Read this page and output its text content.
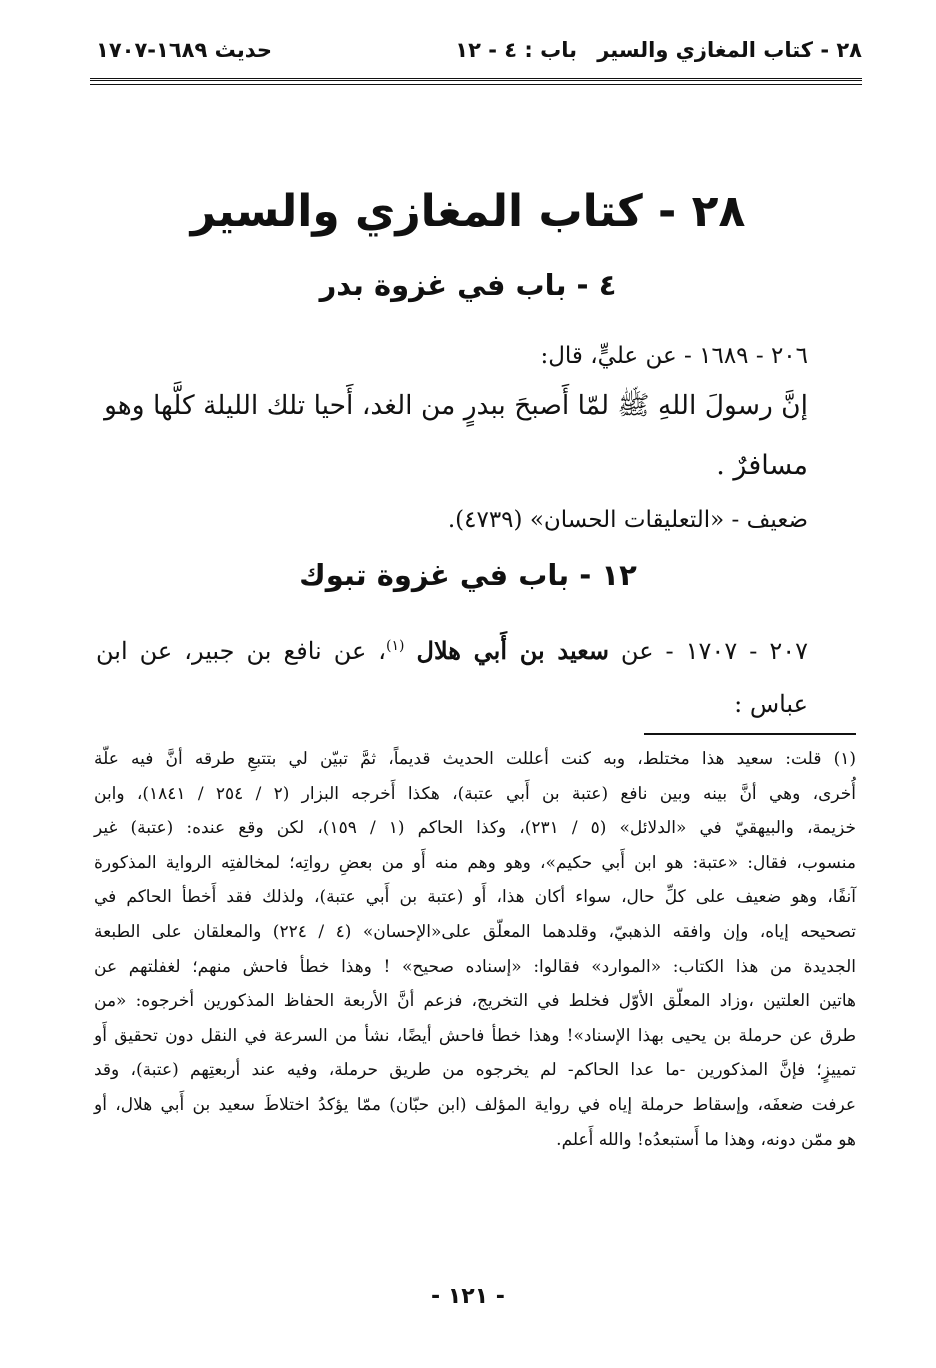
٢٨ - كتاب المغازي والسير
باب : ٤ - ١٢
حديث ١٦٨٩-١٧٠٧
٢٨ - كتاب المغازي والسير
٤ - باب في غزوة بدر
٢٠٦ - ١٦٨٩ - عن عليٍّ، قال:
إنَّ رسولَ اللهِ ﷺ لمّا أَصبحَ ببدرٍ من الغد، أَحيا تلك الليلة كلَّها وهو
مسافرٌ .
ضعيف - «التعليقات الحسان» (٤٧٣٩).
١٢ - باب في غزوة تبوك
٢٠٧ - ١٧٠٧ - عن سعيد بن أَبي هلال $^{(١)}$، عن نافع بن جبير، عن ابن
عباس :
(١) قلت: سعيد هذا مختلط، وبه كنت أعللت الحديث قديماً، ثمَّ تبيّن لي بتتبعِ طرقه أنَّ فيه علّة
أُخرى، وهي أنَّ بينه وبين نافع (عتبة بن أَبي عتبة)، هكذا أَخرجه البزار (٢ / ٢٥٤ / ١٨٤١)، وابن
خزيمة، والبيهقيّ في «الدلائل» (٥ / ٢٣١)، وكذا الحاكم (١ / ١٥٩)، لكن وقع عنده: (عتبة) غير
منسوب، فقال: «عتبة: هو ابن أَبي حكيم»، وهو وهم منه أَو من بعضِ رواتِه؛ لمخالفتِه الرواية المذكورة
آنفًا، وهو ضعيف على كلِّ حال، سواء أكان هذا، أَو (عتبة بن أَبي عتبة)، ولذلك فقد أَخطأ الحاكم في
تصحيحه إياه، وإن وافقه الذهبيّ، وقلدهما المعلّق على«الإحسان» (٤ / ٢٢٤) والمعلقان على الطبعة
الجديدة من هذا الكتاب: «الموارد» فقالوا: «إسناده صحيح» ! وهذا خطأ فاحش منهم؛ لغفلتهم عن
هاتين العلتين ،وزاد المعلّق الأوّل فخلط في التخريج، فزعم أنَّ الأربعة الحفاظ المذكورين أخرجوه: «من
طرق عن حرملة بن يحيى بهذا الإسناد»! وهذا خطأ فاحش أيضًا، نشأ من السرعة في النقل دون تحقيق أَو
تمييزٍ؛ فإنَّ المذكورين -ما عدا الحاكم- لم يخرجوه من طريق حرملة، وفيه عند أربعتِهم (عتبة)، وقد
عرفت ضعفَه، وإسقاط حرملة إياه في رواية المؤلف (ابن حبّان) ممّا يؤكدُ اختلاطَ سعيد بن أَبي هلال، أو
هو ممّن دونه، وهذا ما أَستبعدُه! والله أَعلم.
- ١٢١ -
